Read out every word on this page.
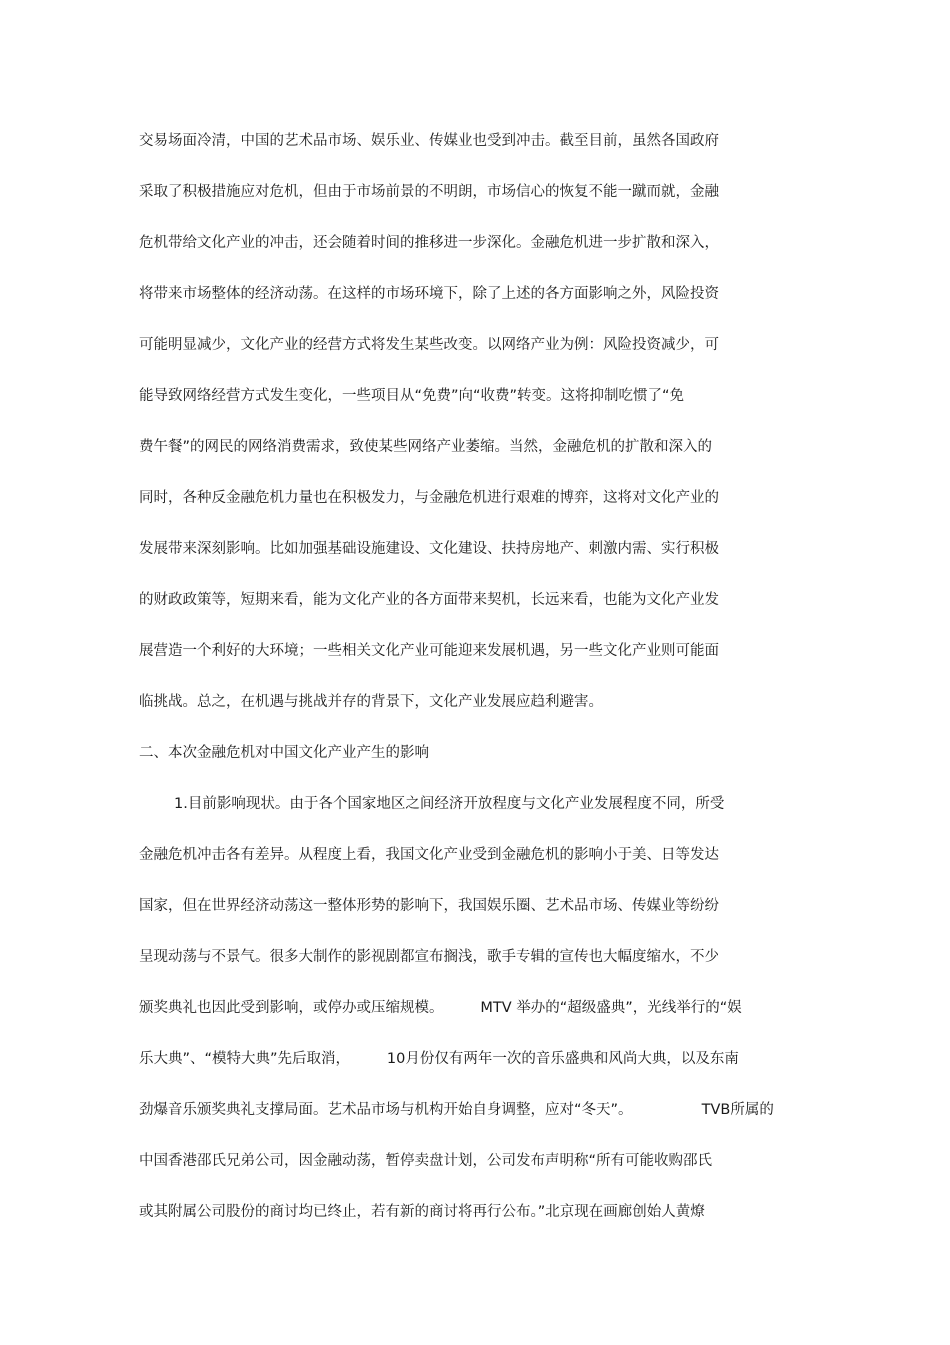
交易场面冷清，中国的艺术品市场、娱乐业、传媒业也受到冲击。截至目前，虽然各国政府
采取了积极措施应对危机，但由于市场前景的不明朗，市场信心的恢复不能一蹴而就，金融
危机带给文化产业的冲击，还会随着时间的推移进一步深化。金融危机进一步扩散和深入，
将带来市场整体的经济动荡。在这样的市场环境下，除了上述的各方面影响之外，风险投资
可能明显减少，文化产业的经营方式将发生某些改变。以网络产业为例：风险投资减少，可
能导致网络经营方式发生变化，一些项目从“免费”向“收费”转变。这将抑制吃惯了“免
费午餐”的网民的网络消费需求，致使某些网络产业萎缩。当然，金融危机的扩散和深入的
同时，各种反金融危机力量也在积极发力，与金融危机进行艰难的博弈，这将对文化产业的
发展带来深刻影响。比如加强基础设施建设、文化建设、扶持房地产、刺激内需、实行积极
的财政政策等，短期来看，能为文化产业的各方面带来契机，长远来看，也能为文化产业发
展营造一个利好的大环境；一些相关文化产业可能迎来发展机遇，另一些文化产业则可能面
临挑战。总之，在机遇与挑战并存的背景下，文化产业发展应趋利避害。
二、本次金融危机对中国文化产业产生的影响
1.目前影响现状。由于各个国家地区之间经济开放程度与文化产业发展程度不同，所受
金融危机冲击各有差异。从程度上看，我国文化产业受到金融危机的影响小于美、日等发达
国家，但在世界经济动荡这一整体形势的影响下，我国娱乐圈、艺术品市场、传媒业等纷纷
呈现动荡与不景气。很多大制作的影视剧都宣布搁浅，歌手专辑的宣传也大幅度缩水，不少
颁奖典礼也因此受到影响，或停办或压缩规模。        MTV 举办的“超级盛典”，光线举行的“娱
乐大典”、“模特大典”先后取消，        10月份仅有两年一次的音乐盛典和风尚大典，以及东南
劲爆音乐颁奖典礼支撑局面。艺术品市场与机构开始自身调整，应对“冬天”。               TVB所属的
中国香港邵氏兄弟公司，因金融动荡，暂停卖盘计划，公司发布声明称“所有可能收购邵氏
或其附属公司股份的商讨均已终止，若有新的商讨将再行公布。”北京现在画廊创始人黄燎
